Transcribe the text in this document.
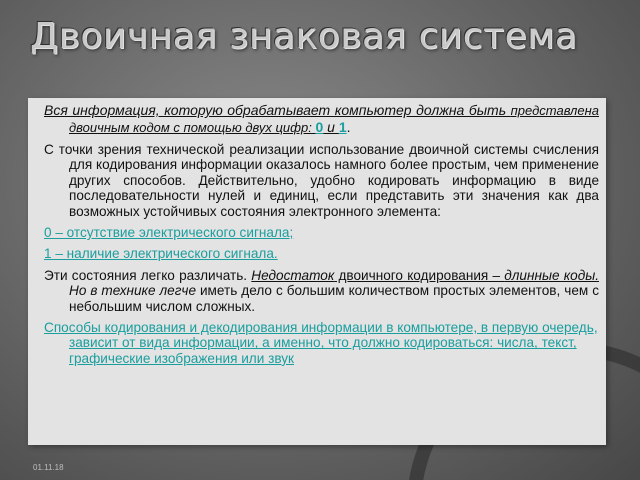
Двоичная знаковая система

Вся информация, которую обрабатывает компьютер должна быть представлена двоичным кодом с помощью двух цифр: 0 и 1.

С точки зрения технической реализации использование двоичной системы счисления для кодирования информации оказалось намного более простым, чем применение других способов. Действительно, удобно кодировать информацию в виде последовательности нулей и единиц, если представить эти значения как два возможных устойчивых состояния электронного элемента:

0 – отсутствие электрического сигнала;

1 – наличие электрического сигнала.

Эти состояния легко различать. Недостаток двоичного кодирования – длинные коды. Но в технике легче иметь дело с большим количеством простых элементов, чем с небольшим числом сложных.

Способы кодирования и декодирования информации в компьютере, в первую очередь, зависит от вида информации, а именно, что должно кодироваться: числа, текст, графические изображения или звук

01.11.18
